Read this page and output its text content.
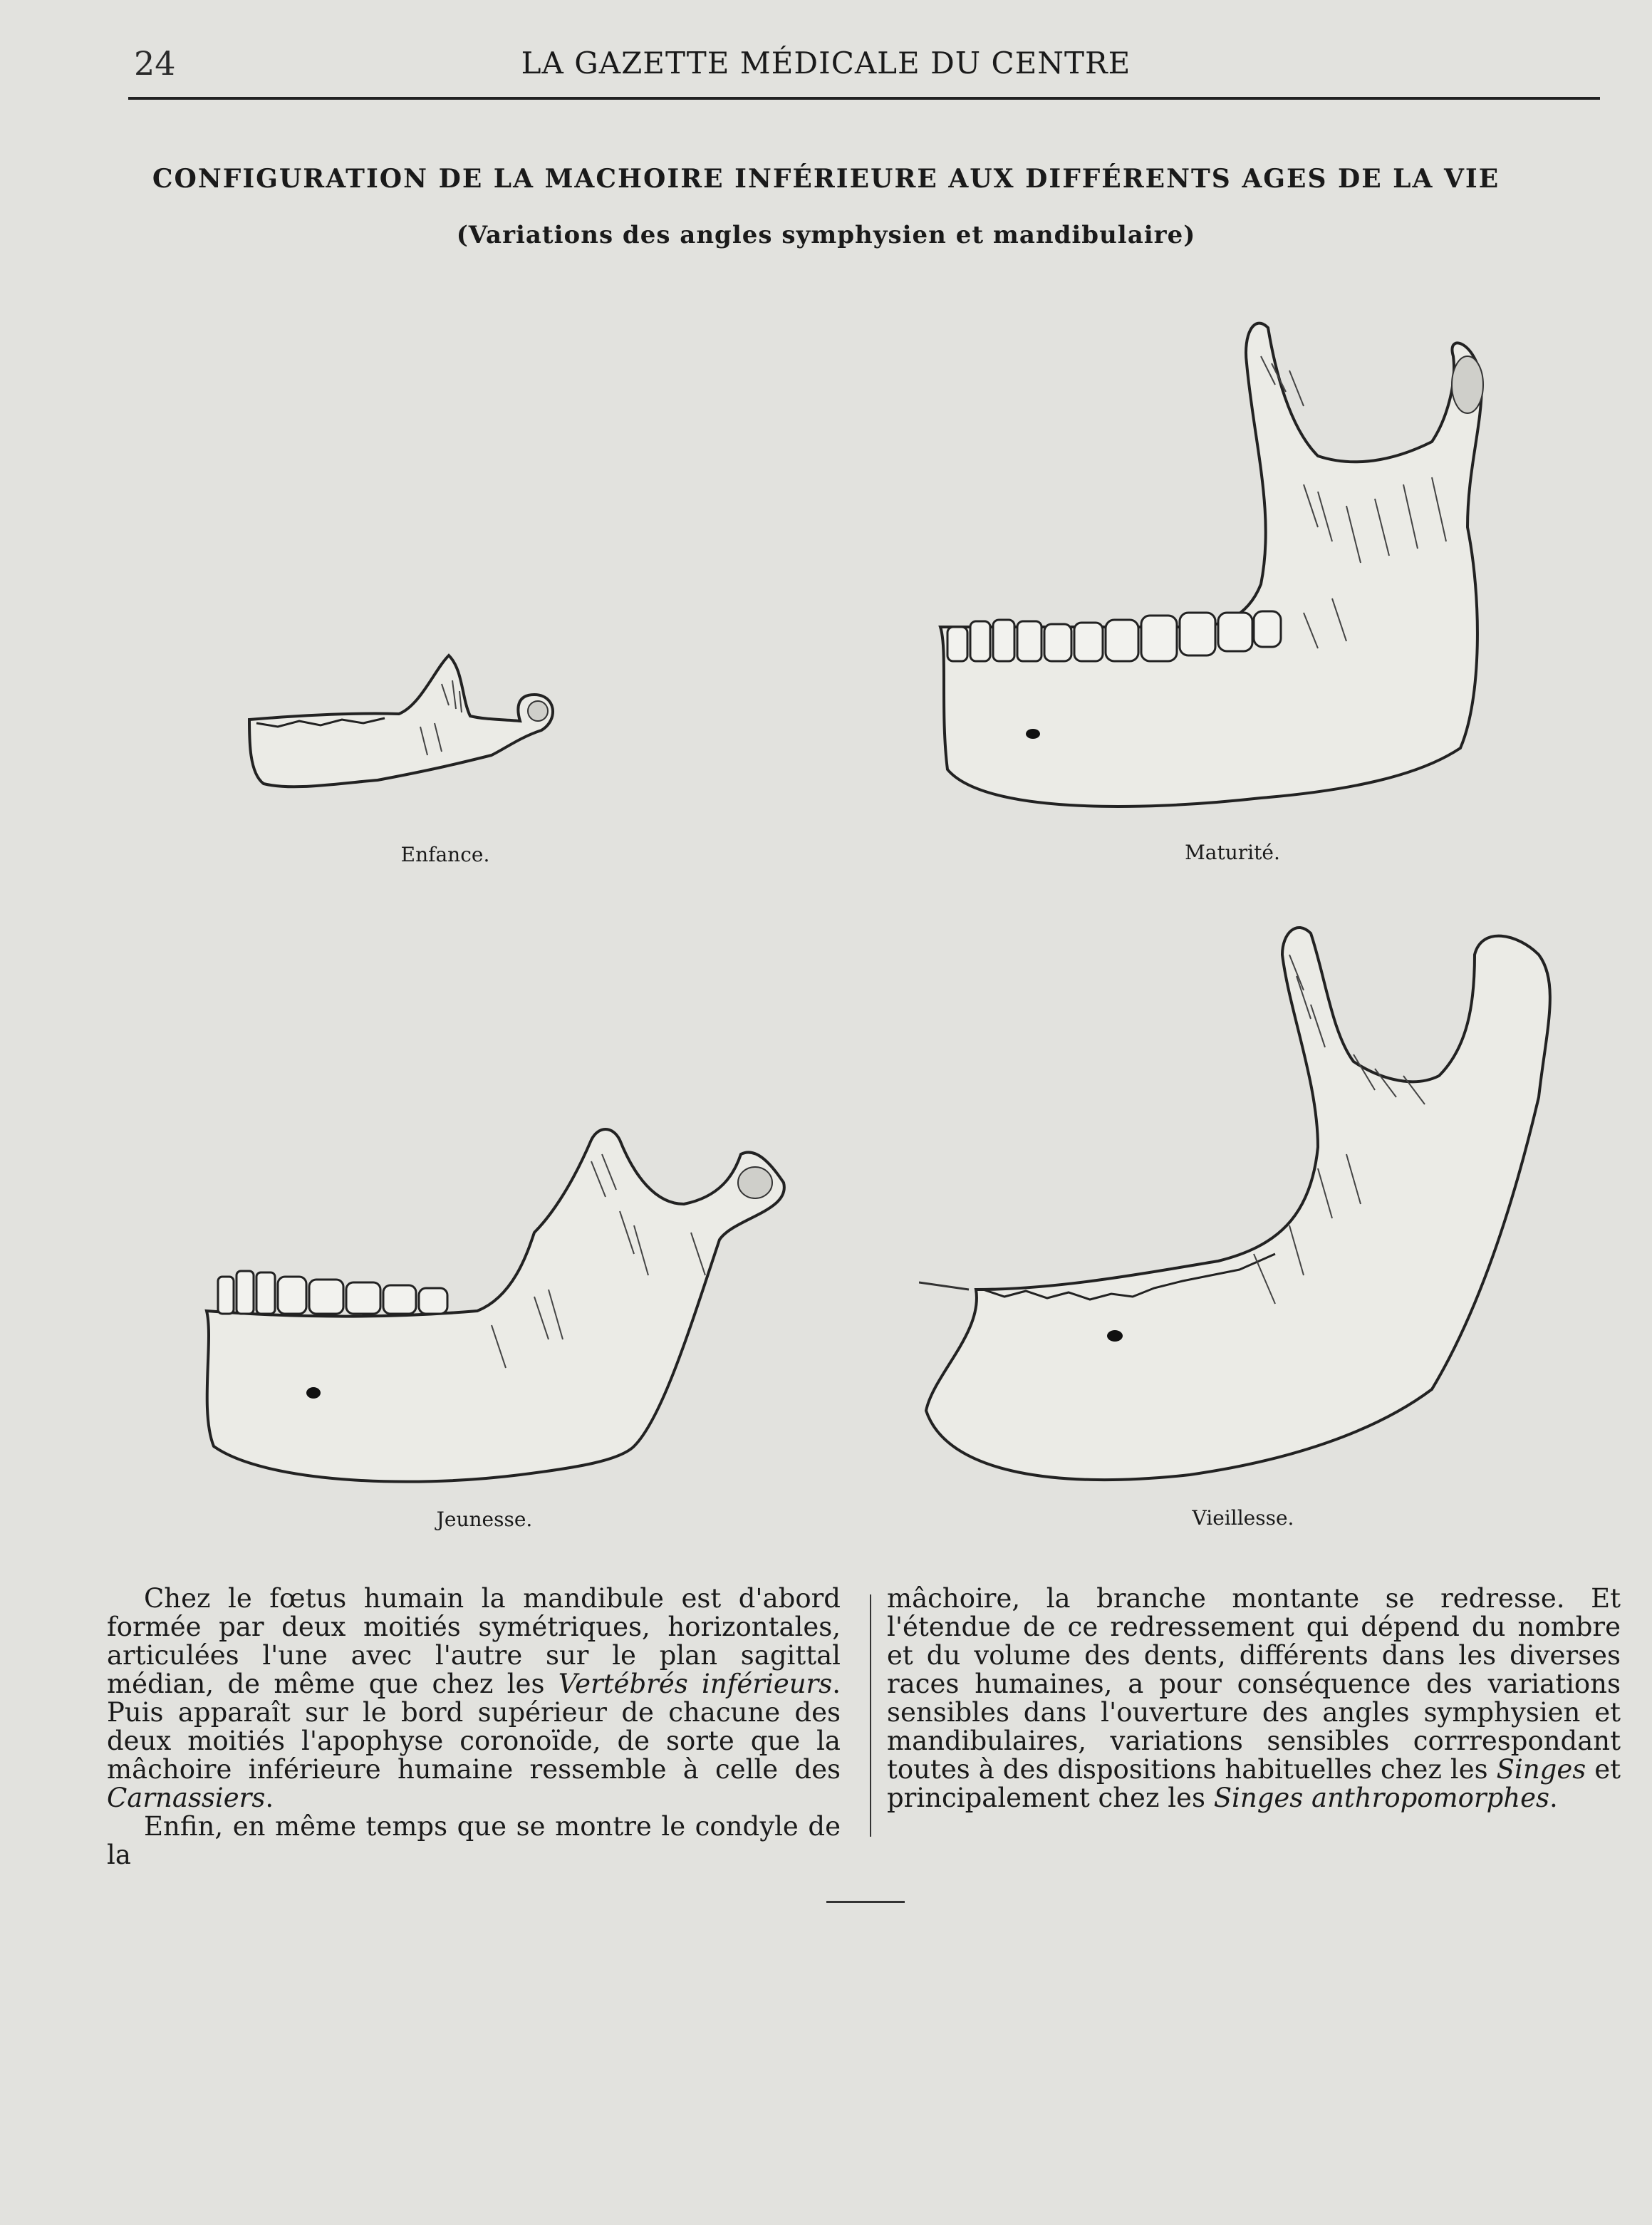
24	LA GAZETTE MÉDICALE DU CENTRE
CONFIGURATION DE LA MACHOIRE INFÉRIEURE AUX DIFFÉRENTS AGES DE LA VIE
(Variations des angles symphysien et mandibulaire)
Enfance.	Maturité.
Jeunesse.	Vieillesse.

Chez le fœtus humain la mandibule est d'abord formée par deux moitiés symétriques, horizontales, articulées l'une avec l'autre sur le plan sagittal médian, de même que chez les Vertébrés inférieurs. Puis apparaît sur le bord supérieur de chacune des deux moitiés l'apophyse coronoïde, de sorte que la mâchoire inférieure humaine ressemble à celle des Carnassiers.

Enfin, en même temps que se montre le condyle de la

mâchoire, la branche montante se redresse. Et l'étendue de ce redressement qui dépend du nombre et du volume des dents, différents dans les diverses races humaines, a pour conséquence des variations sensibles dans l'ouverture des angles symphysien et mandibulaires, variations sensibles corrrespondant toutes à des dispositions habituelles chez les Singes et principalement chez les Singes anthropomorphes.
